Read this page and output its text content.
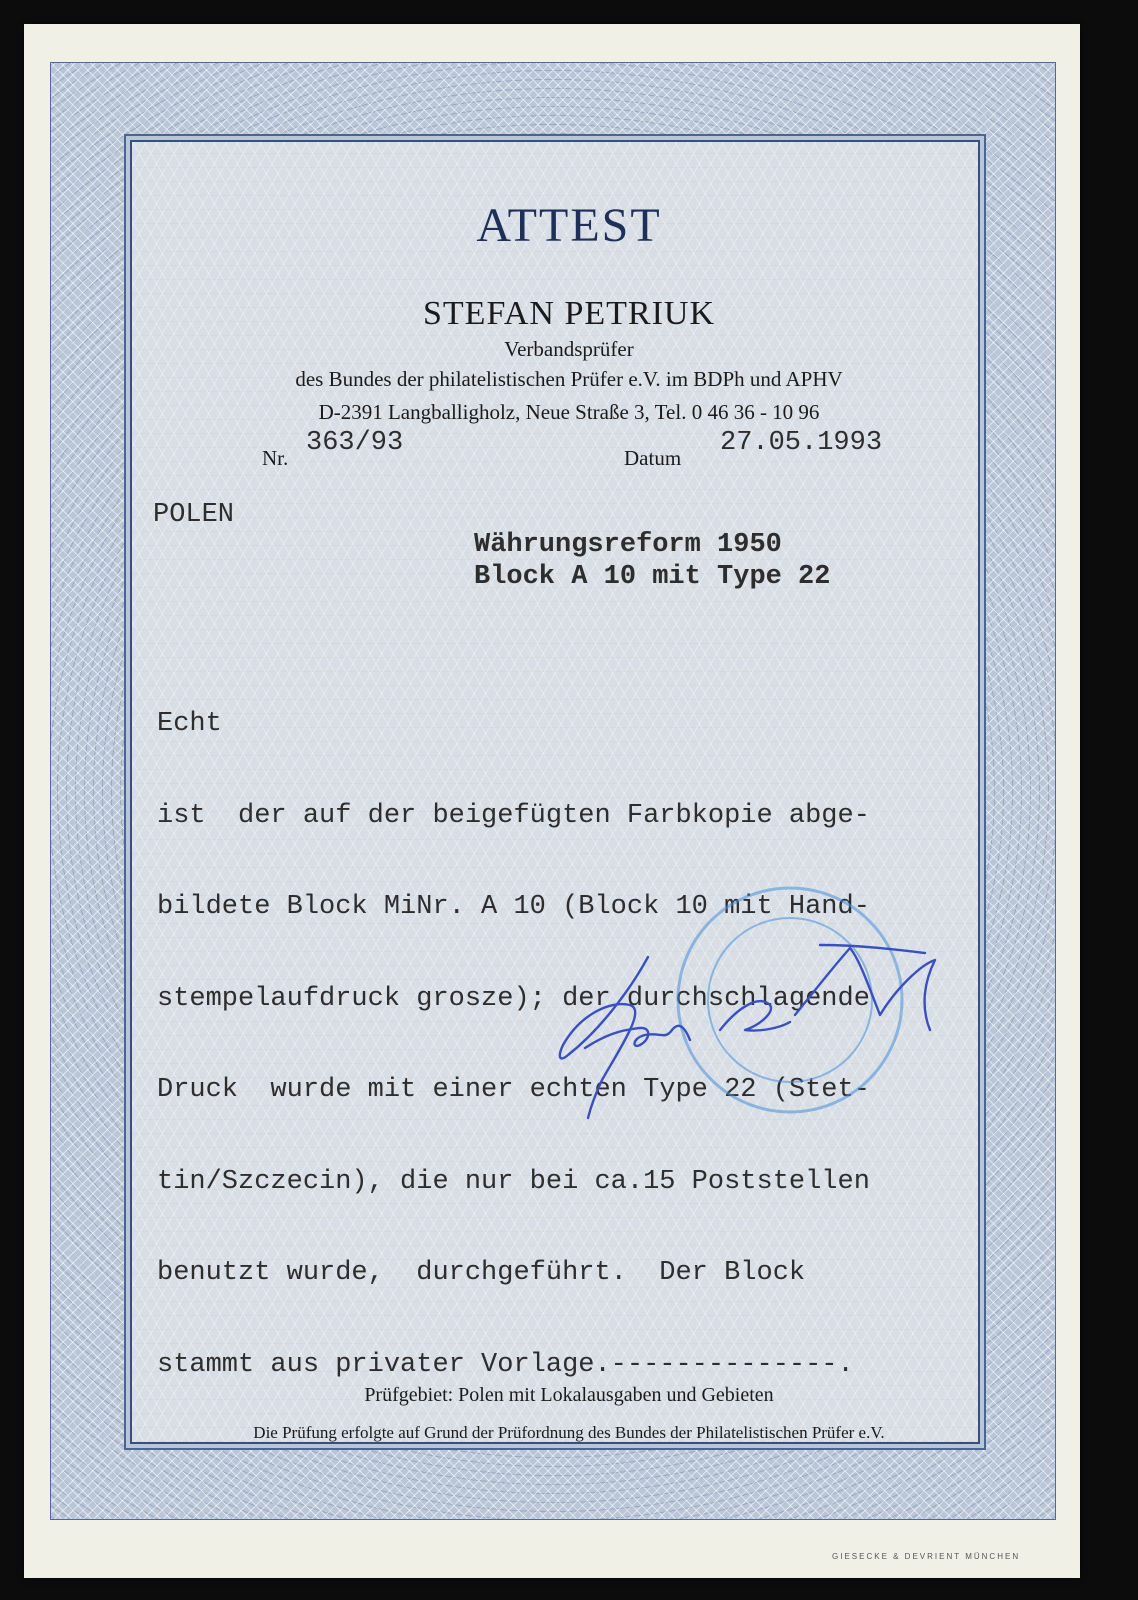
ATTEST
STEFAN PETRIUK
Verbandsprüfer
des Bundes der philatelistischen Prüfer e.V. im BDPh und APHV
D-2391 Langballigholz, Neue Straße 3, Tel. 0 46 36 - 10 96
Nr. 363/93	Datum 27.05.1993
POLEN
Währungsreform 1950
Block A 10 mit Type 22

Echt

ist  der auf der beigefügten Farbkopie abge-

bildete Block MiNr. A 10 (Block 10 mit Hand-

stempelaufdruck grosze); der durchschlagende

Druck  wurde mit einer echten Type 22 (Stet-

tin/Szczecin), die nur bei ca.15 Poststellen

benutzt wurde,  durchgeführt.  Der Block

stammt aus privater Vorlage.--------------.

Prüfgebiet: Polen mit Lokalausgaben und Gebieten
Die Prüfung erfolgte auf Grund der Prüfordnung des Bundes der Philatelistischen Prüfer e.V.
GIESECKE & DEVRIENT MÜNCHEN
